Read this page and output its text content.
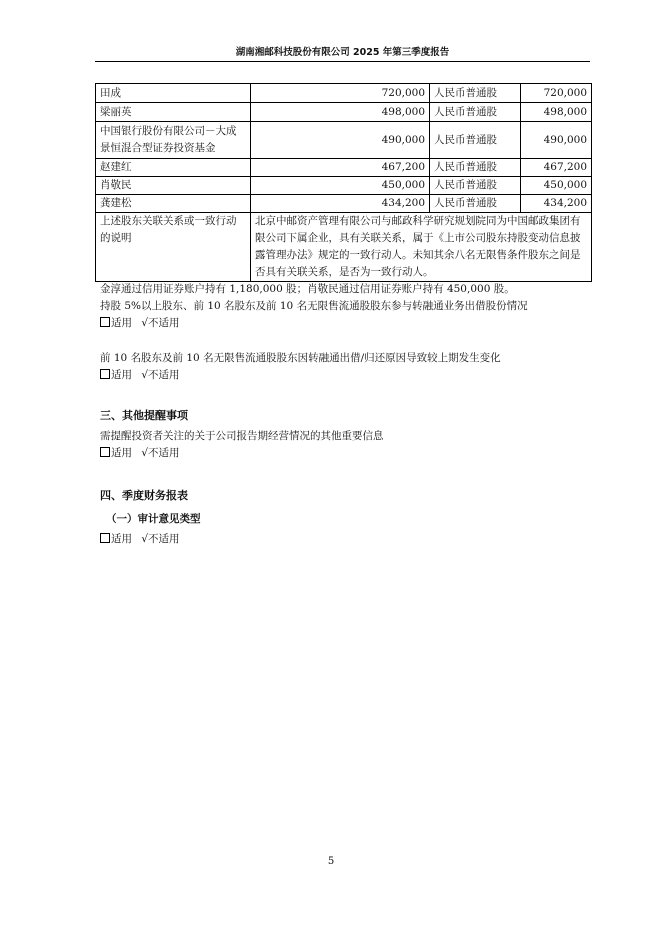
湖南湘邮科技股份有限公司 2025 年第三季度报告
田成	720,000	人民币普通股	720,000
梁丽英	498,000	人民币普通股	498,000
中国银行股份有限公司－大成景恒混合型证券投资基金	490,000	人民币普通股	490,000
赵建红	467,200	人民币普通股	467,200
肖敬民	450,000	人民币普通股	450,000
龚建松	434,200	人民币普通股	434,200
上述股东关联关系或一致行动的说明	北京中邮资产管理有限公司与邮政科学研究规划院同为中国邮政集团有限公司下属企业，具有关联关系，属于《上市公司股东持股变动信息披露管理办法》规定的一致行动人。未知其余八名无限售条件股东之间是否具有关联关系，是否为一致行动人。		
金淳通过信用证券账户持有 1,180,000 股；肖敬民通过信用证券账户持有 450,000 股。
持股 5%以上股东、前 10 名股东及前 10 名无限售流通股股东参与转融通业务出借股份情况
适用 √不适用
前 10 名股东及前 10 名无限售流通股股东因转融通出借/归还原因导致较上期发生变化
适用 √不适用
三、其他提醒事项
需提醒投资者关注的关于公司报告期经营情况的其他重要信息
适用 √不适用
四、季度财务报表
（一）审计意见类型
适用 √不适用
5
